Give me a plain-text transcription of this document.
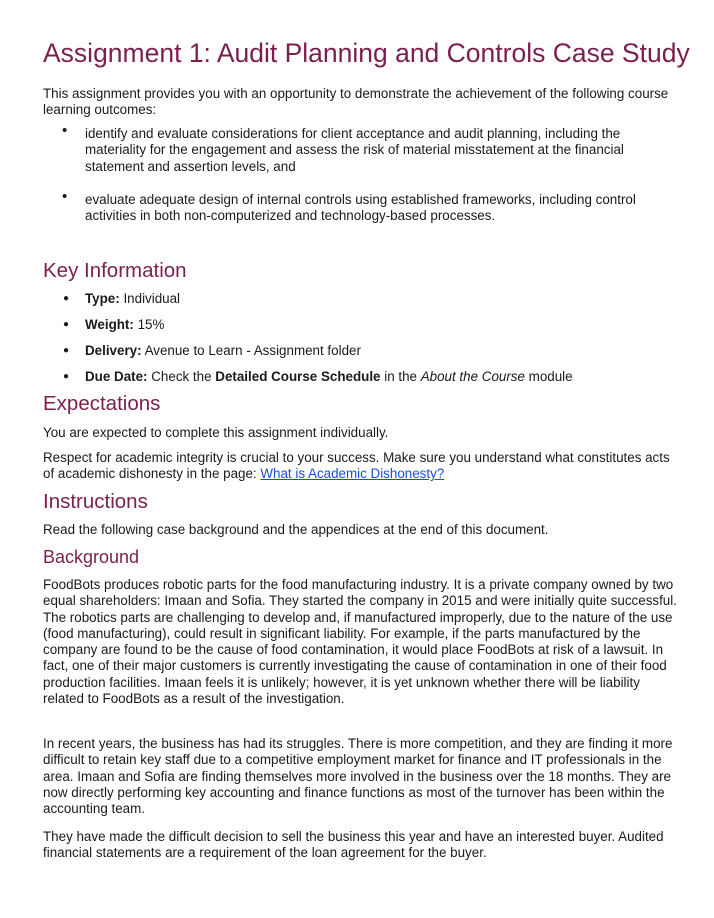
Assignment 1: Audit Planning and Controls Case Study

This assignment provides you with an opportunity to demonstrate the achievement of the following course learning outcomes:

• identify and evaluate considerations for client acceptance and audit planning, including the materiality for the engagement and assess the risk of material misstatement at the financial statement and assertion levels, and
• evaluate adequate design of internal controls using established frameworks, including control activities in both non-computerized and technology-based processes.
Key Information
● Type: Individual
● Weight: 15%
● Delivery: Avenue to Learn - Assignment folder
● Due Date: Check the Detailed Course Schedule in the About the Course module
Expectations

You are expected to complete this assignment individually.

Respect for academic integrity is crucial to your success. Make sure you understand what constitutes acts of academic dishonesty in the page: What is Academic Dishonesty?

Instructions

Read the following case background and the appendices at the end of this document.

Background

FoodBots produces robotic parts for the food manufacturing industry. It is a private company owned by two equal shareholders: Imaan and Sofia. They started the company in 2015 and were initially quite successful. The robotics parts are challenging to develop and, if manufactured improperly, due to the nature of the use (food manufacturing), could result in significant liability. For example, if the parts manufactured by the company are found to be the cause of food contamination, it would place FoodBots at risk of a lawsuit. In fact, one of their major customers is currently investigating the cause of contamination in one of their food production facilities. Imaan feels it is unlikely; however, it is yet unknown whether there will be liability related to FoodBots as a result of the investigation.

In recent years, the business has had its struggles. There is more competition, and they are finding it more difficult to retain key staff due to a competitive employment market for finance and IT professionals in the area. Imaan and Sofia are finding themselves more involved in the business over the 18 months. They are now directly performing key accounting and finance functions as most of the turnover has been within the accounting team.

They have made the difficult decision to sell the business this year and have an interested buyer. Audited financial statements are a requirement of the loan agreement for the buyer.
